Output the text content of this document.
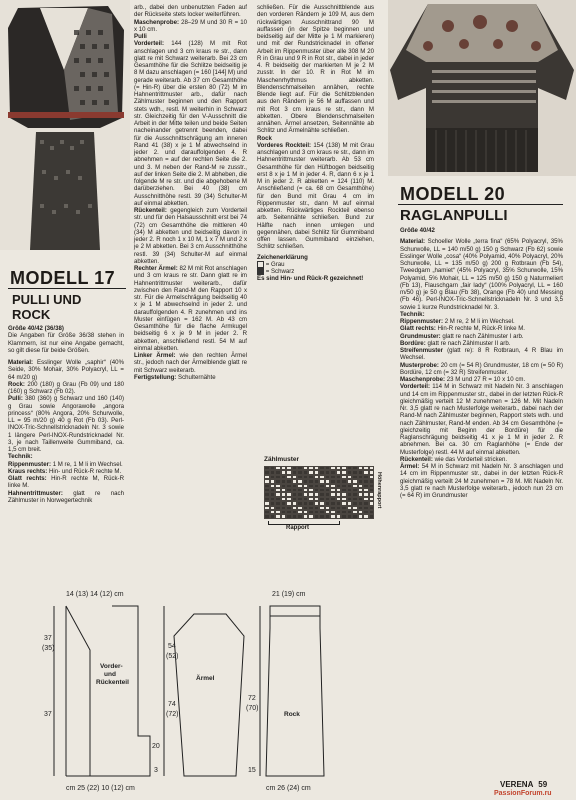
MODELL 17
PULLI UND
ROCK

Größe 40/42 (36/38)

Die Angaben für Größe 36/38 stehen in Klammern, ist nur eine Angabe gemacht, so gilt diese für beide Größen.

Material: Esslinger Wolle „saphir“ (40% Seide, 30% Mohair, 30% Polyacryl, LL = 64 m/20 g)

Rock: 200 (180) g Grau (Fb 09) und 180 (160) g Schwarz (Fb 02).

Pulli: 380 (360) g Schwarz und 160 (140) g Grau sowie Angorawolle „angora princess“ (80% Angora, 20% Schurwolle, LL = 95 m/20 g) 40 g Rot (Fb 03). Perl-INOX-Tric-Schnellstricknadeln Nr. 3 sowie 1 längere Perl-INOX-Rundstricknadel Nr. 3, je nach Taillenweite Gummiband, ca. 1,5 cm breit.

Technik:

Rippenmuster: 1 M re, 1 M li im Wechsel.

Kraus rechts: Hin- und Rück-R rechte M.

Glatt rechts: Hin-R rechte M, Rück-R linke M.

Hahnentrittmuster: glatt re nach Zählmuster in Norwegertechnik

arb., dabei den unbenutzten Faden auf der Rückseite stets locker weiterführen.

Maschenprobe: 28–29 M und 30 R = 10 x 10 cm.

Pulli

Vorderteil: 144 (128) M mit Rot anschlagen und 3 cm kraus re str., dann glatt re mit Schwarz weiterarb. Bei 23 cm Gesamthöhe für die Schlitze beidseitig je 8 M dazu anschlagen (= 160 [144] M) und gerade weiterarb. Ab 37 cm Gesamthöhe (= Hin-R) über die ersten 80 (72) M im Hahnentrittmuster arb., dafür nach Zählmuster beginnen und den Rapport stets wdh., restl. M weiterhin in Schwarz str. Gleichzeitig für den V-Ausschnitt die Arbeit in der Mitte teilen und beide Seiten nacheinander getrennt beenden, dabei für die Ausschnittschrägung am inneren Rand 41 (38) x je 1 M abwechselnd in jeder 2. und darauffolgenden 4. R abnehmen = auf der rechten Seite die 2. und 3. M neben der Rand-M re zusstr., auf der linken Seite die 2. M abheben, die folgende M re str. und die abgehobene M darüberziehen. Bei 40 (38) cm Ausschnitthöhe restl. 39 (34) Schulter-M auf einmal abketten.

Rückenteil: gegengleich zum Vorderteil str. und für den Halsausschnitt erst bei 74 (72) cm Gesamthöhe die mittleren 40 (34) M abketten und beidseitig davon in jeder 2. R noch 1 x 10 M, 1 x 7 M und 2 x je 2 M abketten. Bei 3 cm Ausschnitthöhe restl. 39 (34) Schulter-M auf einmal abketten.

Rechter Ärmel: 82 M mit Rot anschlagen und 3 cm kraus re str. Dann glatt re im Hahnentrittmuster weiterarb., dafür zwischen den Rand-M den Rapport 10 x str. Für die Armelschrägung beidseitig 40 x je 1 M abwechselnd in jeder 2. und darauffolgenden 4. R zunehmen und ins Muster einfügen = 162 M. Ab 43 cm Gesamthöhe für die flache Armkugel beidseitig 6 x je 9 M in jeder 2. R abketten, anschließend restl. 54 M auf einmal abketten.

Linker Ärmel: wie den rechten Ärmel str., jedoch nach der Ärmelblende glatt re mit Schwarz weiterarb.

Fertigstellung: Schulternähte

schließen. Für die Ausschnittblende aus den vorderen Rändern je 109 M, aus dem rückwärtigen Ausschnittrand 90 M auffassen (in der Spitze beginnen und beidseitig auf der Mitte je 1 M markieren) und mit der Rundstricknadel in offener Arbeit im Rippenmuster über alle 308 M 20 R in Grau und 9 R in Rot str., dabei in jeder 4. R beidseitig der markierten M je 2 M zusstr. In der 10. R in Rot M im Maschenrhythmus abketten. Blendenschmalseiten annähen, rechte Blende liegt auf. Für die Schlitzblenden aus den Rändern je 56 M auffassen und mit Rot 3 cm kraus re str., dann M abketten. Obere Blendenschmalseiten annähen. Ärmel ansetzen, Seitennähte ab Schlitz und Ärmelnähte schließen.

Rock

Vorderes Rockteil: 154 (138) M mit Grau anschlagen und 3 cm kraus re str., dann im Hahnentrittmuster weiterarb. Ab 53 cm Gesamthöhe für den Hüftbogen beidseitig erst 8 x je 1 M in jeder 4. R, dann 6 x je 1 M in jeder 2. R abketten = 124 (110) M. Anschließend (= ca. 68 cm Gesamthöhe) für den Bund mit Grau 4 cm im Rippenmuster str., dann M auf einmal abketten. Rückwärtiges Rockteil ebenso arb. Seitennähte schließen. Bund zur Hälfte nach innen umlegen und gegennähen, dabei Schlitz für Gummiband offen lassen. Gummiband einziehen, Schlitz schließen.

Zeichenerklärung

= Grau

= Schwarz

Es sind Hin- und Rück-R gezeichnet!

Zählmuster
Rapport
Höhenrapport
MODELL 20
RAGLANPULLI

Größe 40/42

Material: Schoeller Wolle „terra fina“ (65% Polyacryl, 35% Schurwolle, LL = 140 m/50 g) 150 g Schwarz (Fb 62) sowie Esslinger Wolle „cosa“ (40% Polyamid, 40% Polyacryl, 20% Schurwolle, LL = 135 m/50 g) 200 g Rotbraun (Fb 54), Tweedgarn „hamiet“ (45% Polyacryl, 35% Schurwolle, 15% Polyamid, 5% Mohair, LL = 125 m/50 g) 150 g Naturmeliert (Fb 13), Flauschgarn „fair lady“ (100% Polyacryl, LL = 160 m/50 g) je 50 g Blau (Fb 38), Orange (Fb 40) und Messing (Fb 46). Perl-INOX-Tric-Schnellstricknadeln Nr. 3 und 3,5 sowie 1 kurze Rundstricknadel Nr. 3.

Technik:

Rippenmuster: 2 M re, 2 M li im Wechsel.

Glatt rechts: Hin-R rechte M, Rück-R linke M.

Grundmuster: glatt re nach Zählmuster I arb.

Bordüre: glatt re nach Zählmuster II arb.

Streifenmuster (glatt re): 8 R Rotbraun, 4 R Blau im Wechsel.

Musterprobe: 20 cm (= 54 R) Grundmuster, 18 cm (= 50 R) Bordüre, 12 cm (= 32 R) Streifenmuster.

Maschenprobe: 23 M und 27 R = 10 x 10 cm.

Vorderteil: 114 M in Schwarz mit Nadeln Nr. 3 anschlagen und 14 cm im Rippenmuster str., dabei in der letzten Rück-R gleichmäßig verteilt 12 M zunehmen = 126 M. Mit Nadeln Nr. 3,5 glatt re nach Musterfolge weiterarb., dabei nach der Rand-M nach Zählmuster beginnen, Rapport stets wdh. und nach Zählmuster, Rand-M enden. Ab 34 cm Gesamthöhe (= gleichzeitig mit Beginn der Bordüre) für die Raglanschrägung beidseitig 41 x je 1 M in jeder 2. R abnehmen. Bei ca. 30 cm Raglanhöhe (= Ende der Musterfolge) restl. 44 M auf einmal abketten.

Rückenteil: wie das Vorderteil stricken.

Ärmel: 54 M in Schwarz mit Nadeln Nr. 3 anschlagen und 14 cm im Rippenmuster str., dabei in der letzten Rück-R gleichmäßig verteilt 24 M zunehmen = 78 M. Mit Nadeln Nr. 3,5 glatt re nach Musterfolge weiterarb., jedoch nun 23 cm (= 64 R) im Grundmuster

14 (13) 14 (12) cm
37
(35)
37
54
(52)
74
(72)
20
3
Vorder-
und
Rückenteil
cm 25 (22) 10 (12) cm
Ärmel
21 (19) cm
72
(70)
15
Rock
cm 26 (24) cm	VERENA 59
PassionForum.ru
